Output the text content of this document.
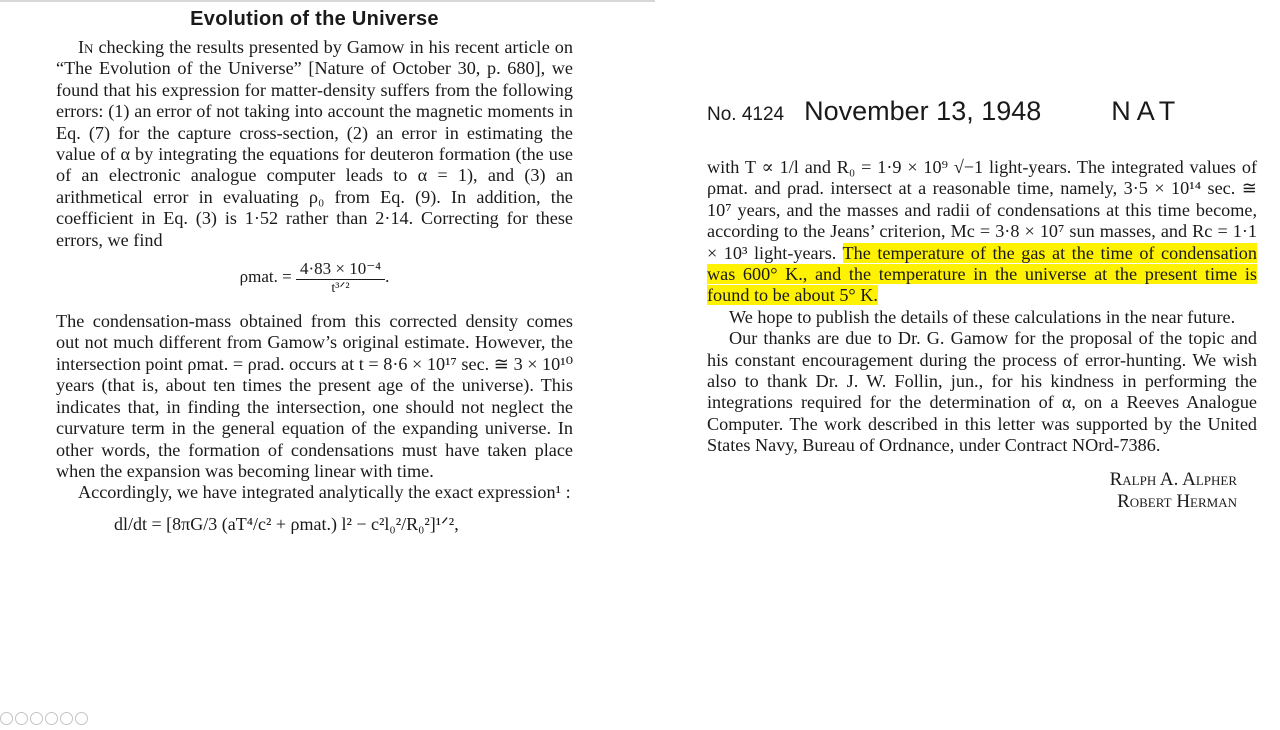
Evolution of the Universe

In checking the results presented by Gamow in his recent article on “The Evolution of the Universe” [Nature of October 30, p. 680], we found that his expression for matter-density suffers from the following errors: (1) an error of not taking into account the magnetic moments in Eq. (7) for the capture cross-section, (2) an error in estimating the value of α by integrating the equations for deuteron formation (the use of an electronic analogue computer leads to α = 1), and (3) an arithmetical error in evaluating ρ₀ from Eq. (9). In addition, the coefficient in Eq. (3) is 1·52 rather than 2·14. Correcting for these errors, we find

ρmat. = $\frac{\text{4·83 × 10⁻⁴}}{\text{t³ᐟ²}}$ .

The condensation-mass obtained from this corrected density comes out not much different from Gamow’s original estimate. However, the intersection point ρmat. = ρrad. occurs at t = 8·6 × 10¹⁷ sec. ≅ 3 × 10¹⁰ years (that is, about ten times the present age of the universe). This indicates that, in finding the intersection, one should not neglect the curvature term in the general equation of the expanding universe. In other words, the formation of condensations must have taken place when the expansion was becoming linear with time.

Accordingly, we have integrated analytically the exact expression¹ :

dl/dt = [8πG/3 (aT⁴/c² + ρmat.) l² − c²l₀²/R₀²]¹ᐟ²,
No. 4124 November 13, 1948	NAT

with T ∝ 1/l and R₀ = 1·9 × 10⁹ √−1 light-years. The integrated values of ρmat. and ρrad. intersect at a reasonable time, namely, 3·5 × 10¹⁴ sec. ≅ 10⁷ years, and the masses and radii of condensations at this time become, according to the Jeans’ criterion, Mc = 3·8 × 10⁷ sun masses, and Rc = 1·1 × 10³ light-years. The temperature of the gas at the time of condensation was 600° K., and the temperature in the universe at the present time is found to be about 5° K.

We hope to publish the details of these calculations in the near future.

Our thanks are due to Dr. G. Gamow for the proposal of the topic and his constant encouragement during the process of error-hunting. We wish also to thank Dr. J. W. Follin, jun., for his kindness in performing the integrations required for the determination of α, on a Reeves Analogue Computer. The work described in this letter was supported by the United States Navy, Bureau of Ordnance, under Contract NOrd-7386.

Ralph A. Alpher
Robert Herman
